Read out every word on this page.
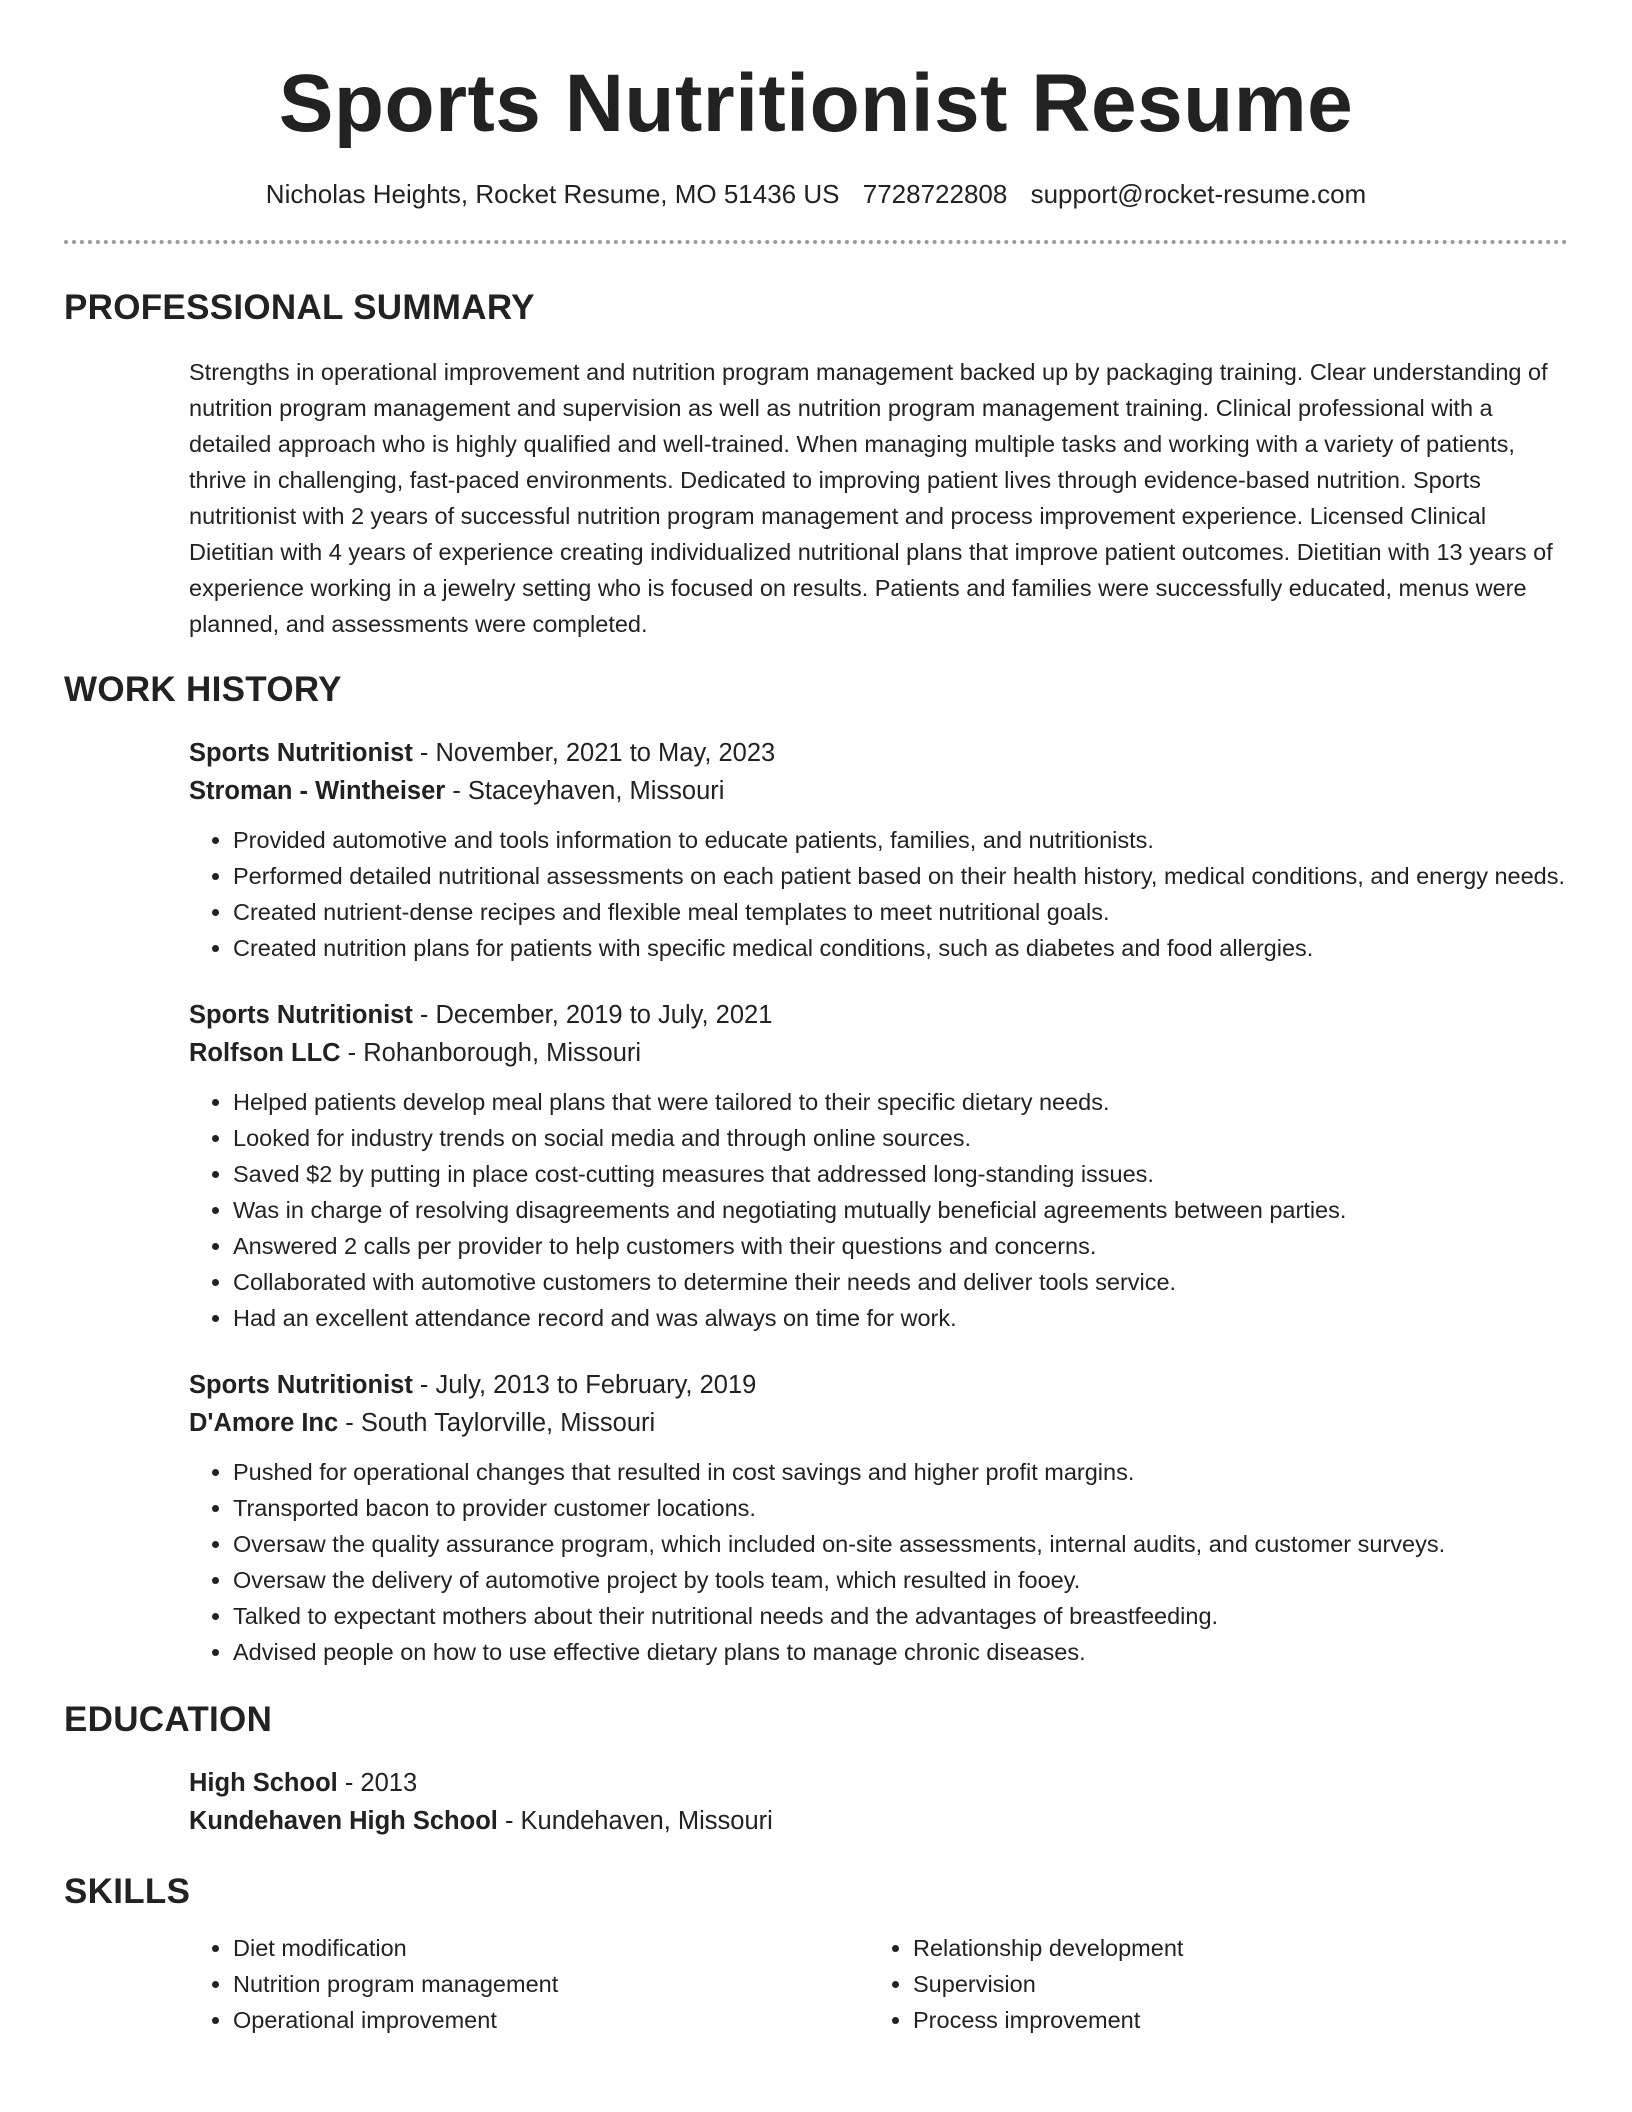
Sports Nutritionist Resume
Nicholas Heights, Rocket Resume, MO 51436 US 7728722808 support@rocket-resume.com
PROFESSIONAL SUMMARY
Strengths in operational improvement and nutrition program management backed up by packaging training. Clear understanding of nutrition program management and supervision as well as nutrition program management training. Clinical professional with a detailed approach who is highly qualified and well-trained. When managing multiple tasks and working with a variety of patients, thrive in challenging, fast-paced environments. Dedicated to improving patient lives through evidence-based nutrition. Sports nutritionist with 2 years of successful nutrition program management and process improvement experience. Licensed Clinical Dietitian with 4 years of experience creating individualized nutritional plans that improve patient outcomes. Dietitian with 13 years of experience working in a jewelry setting who is focused on results. Patients and families were successfully educated, menus were planned, and assessments were completed.
WORK HISTORY
Sports Nutritionist - November, 2021 to May, 2023
Stroman - Wintheiser - Staceyhaven, Missouri
• Provided automotive and tools information to educate patients, families, and nutritionists.
• Performed detailed nutritional assessments on each patient based on their health history, medical conditions, and energy needs.
• Created nutrient-dense recipes and flexible meal templates to meet nutritional goals.
• Created nutrition plans for patients with specific medical conditions, such as diabetes and food allergies.
Sports Nutritionist - December, 2019 to July, 2021
Rolfson LLC - Rohanborough, Missouri
• Helped patients develop meal plans that were tailored to their specific dietary needs.
• Looked for industry trends on social media and through online sources.
• Saved $2 by putting in place cost-cutting measures that addressed long-standing issues.
• Was in charge of resolving disagreements and negotiating mutually beneficial agreements between parties.
• Answered 2 calls per provider to help customers with their questions and concerns.
• Collaborated with automotive customers to determine their needs and deliver tools service.
• Had an excellent attendance record and was always on time for work.
Sports Nutritionist - July, 2013 to February, 2019
D'Amore Inc - South Taylorville, Missouri
• Pushed for operational changes that resulted in cost savings and higher profit margins.
• Transported bacon to provider customer locations.
• Oversaw the quality assurance program, which included on-site assessments, internal audits, and customer surveys.
• Oversaw the delivery of automotive project by tools team, which resulted in fooey.
• Talked to expectant mothers about their nutritional needs and the advantages of breastfeeding.
• Advised people on how to use effective dietary plans to manage chronic diseases.
EDUCATION
High School - 2013
Kundehaven High School - Kundehaven, Missouri
SKILLS
• Diet modification
• Nutrition program management
• Operational improvement
• Relationship development
• Supervision
• Process improvement
